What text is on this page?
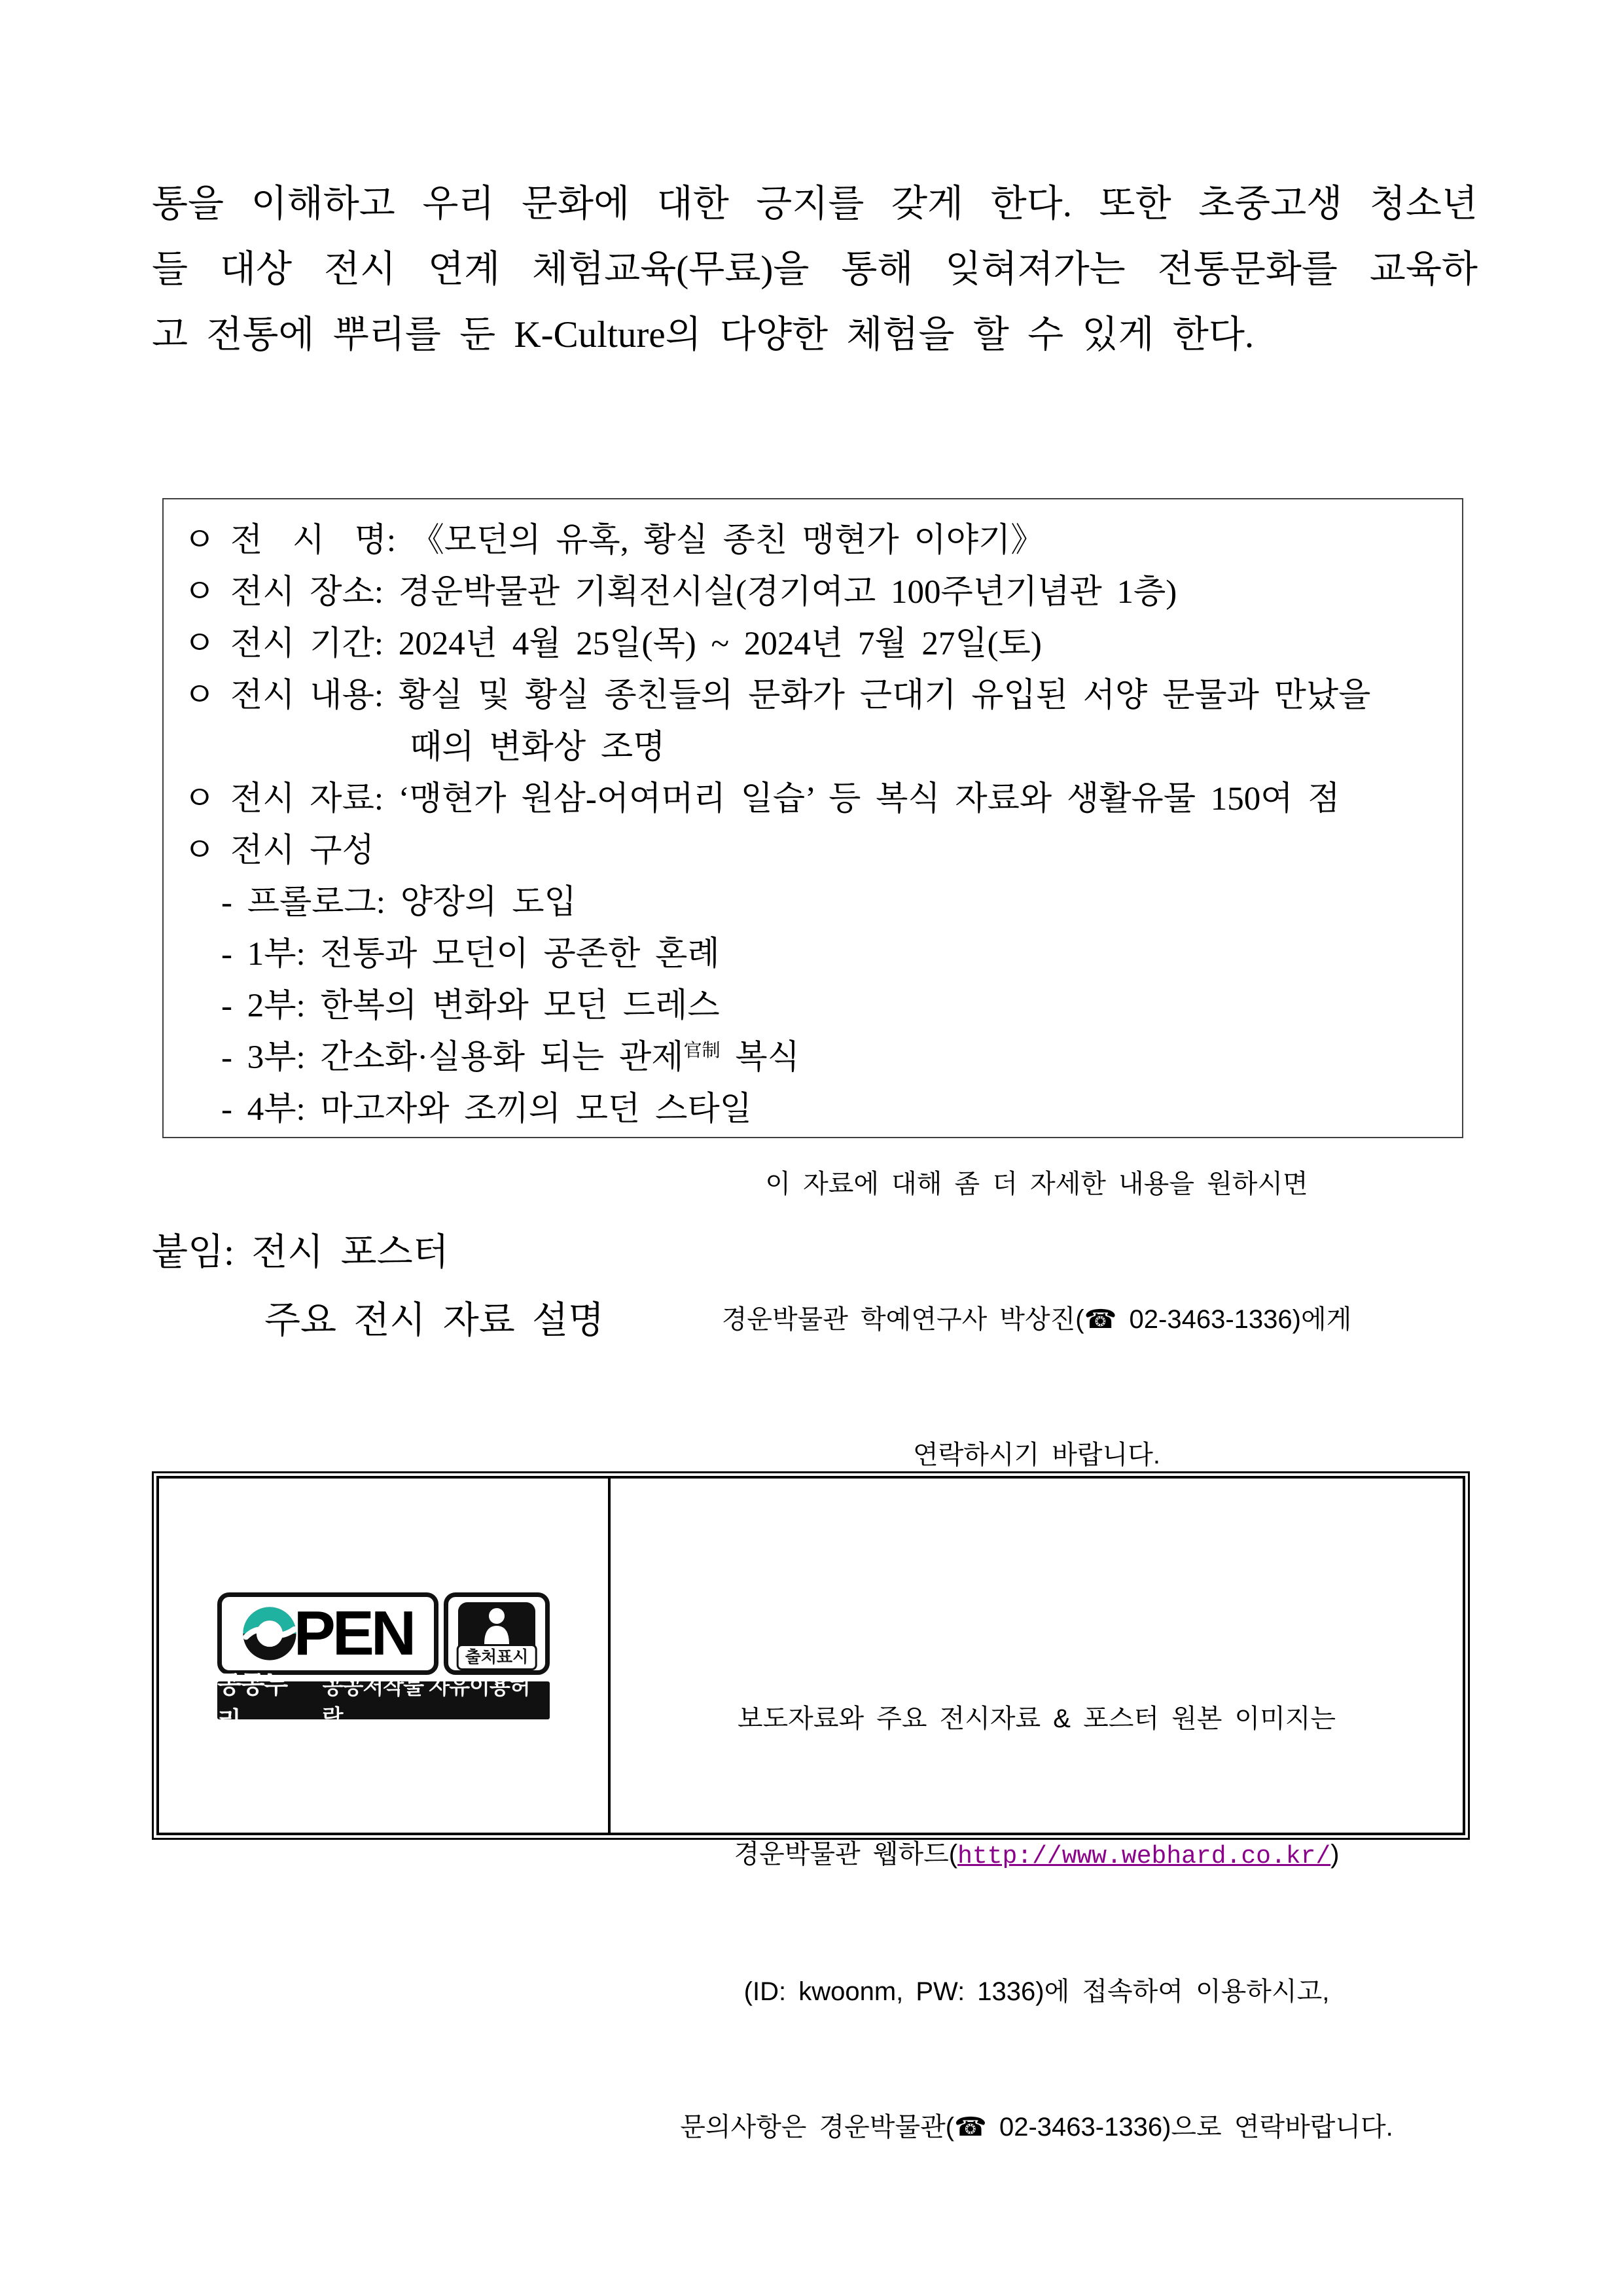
통을 이해하고 우리 문화에 대한 긍지를 갖게 한다. 또한 초중고생 청소년
들 대상 전시 연계 체험교육(무료)을 통해 잊혀져가는 전통문화를 교육하
고 전통에 뿌리를 둔 K-Culture의 다양한 체험을 할 수 있게 한다.
ㅇ 전  시  명: 《모던의 유혹, 황실 종친 맹현가 이야기》
ㅇ 전시 장소: 경운박물관 기획전시실(경기여고 100주년기념관 1층)
ㅇ 전시 기간: 2024년 4월 25일(목) ~ 2024년 7월 27일(토)
ㅇ 전시 내용: 황실 및 황실 종친들의 문화가 근대기 유입된 서양 문물과 만났을
때의 변화상 조명
ㅇ 전시 자료: ‘맹현가 원삼-어여머리 일습’ 등 복식 자료와 생활유물 150여 점
ㅇ 전시 구성
- 프롤로그: 양장의 도입
- 1부: 전통과 모던이 공존한 혼례
- 2부: 한복의 변화와 모던 드레스
- 3부: 간소화·실용화 되는 관제$^{官制}$ 복식
- 4부: 마고자와 조끼의 모던 스타일
붙임: 전시 포스터
주요 전시 자료 설명
PEN	출처표시
공공누리
공공저작물 자유이용허락

이 자료에 대해 좀 더 자세한 내용을 원하시면

경운박물관 학예연구사 박상진(☎ 02-3463-1336)에게

연락하시기 바랍니다.

보도자료와 주요 전시자료 & 포스터 원본 이미지는

경운박물관 웹하드(http://www.webhard.co.kr/)

(ID: kwoonm, PW: 1336)에 접속하여 이용하시고,

문의사항은 경운박물관(☎ 02-3463-1336)으로 연락바랍니다.
